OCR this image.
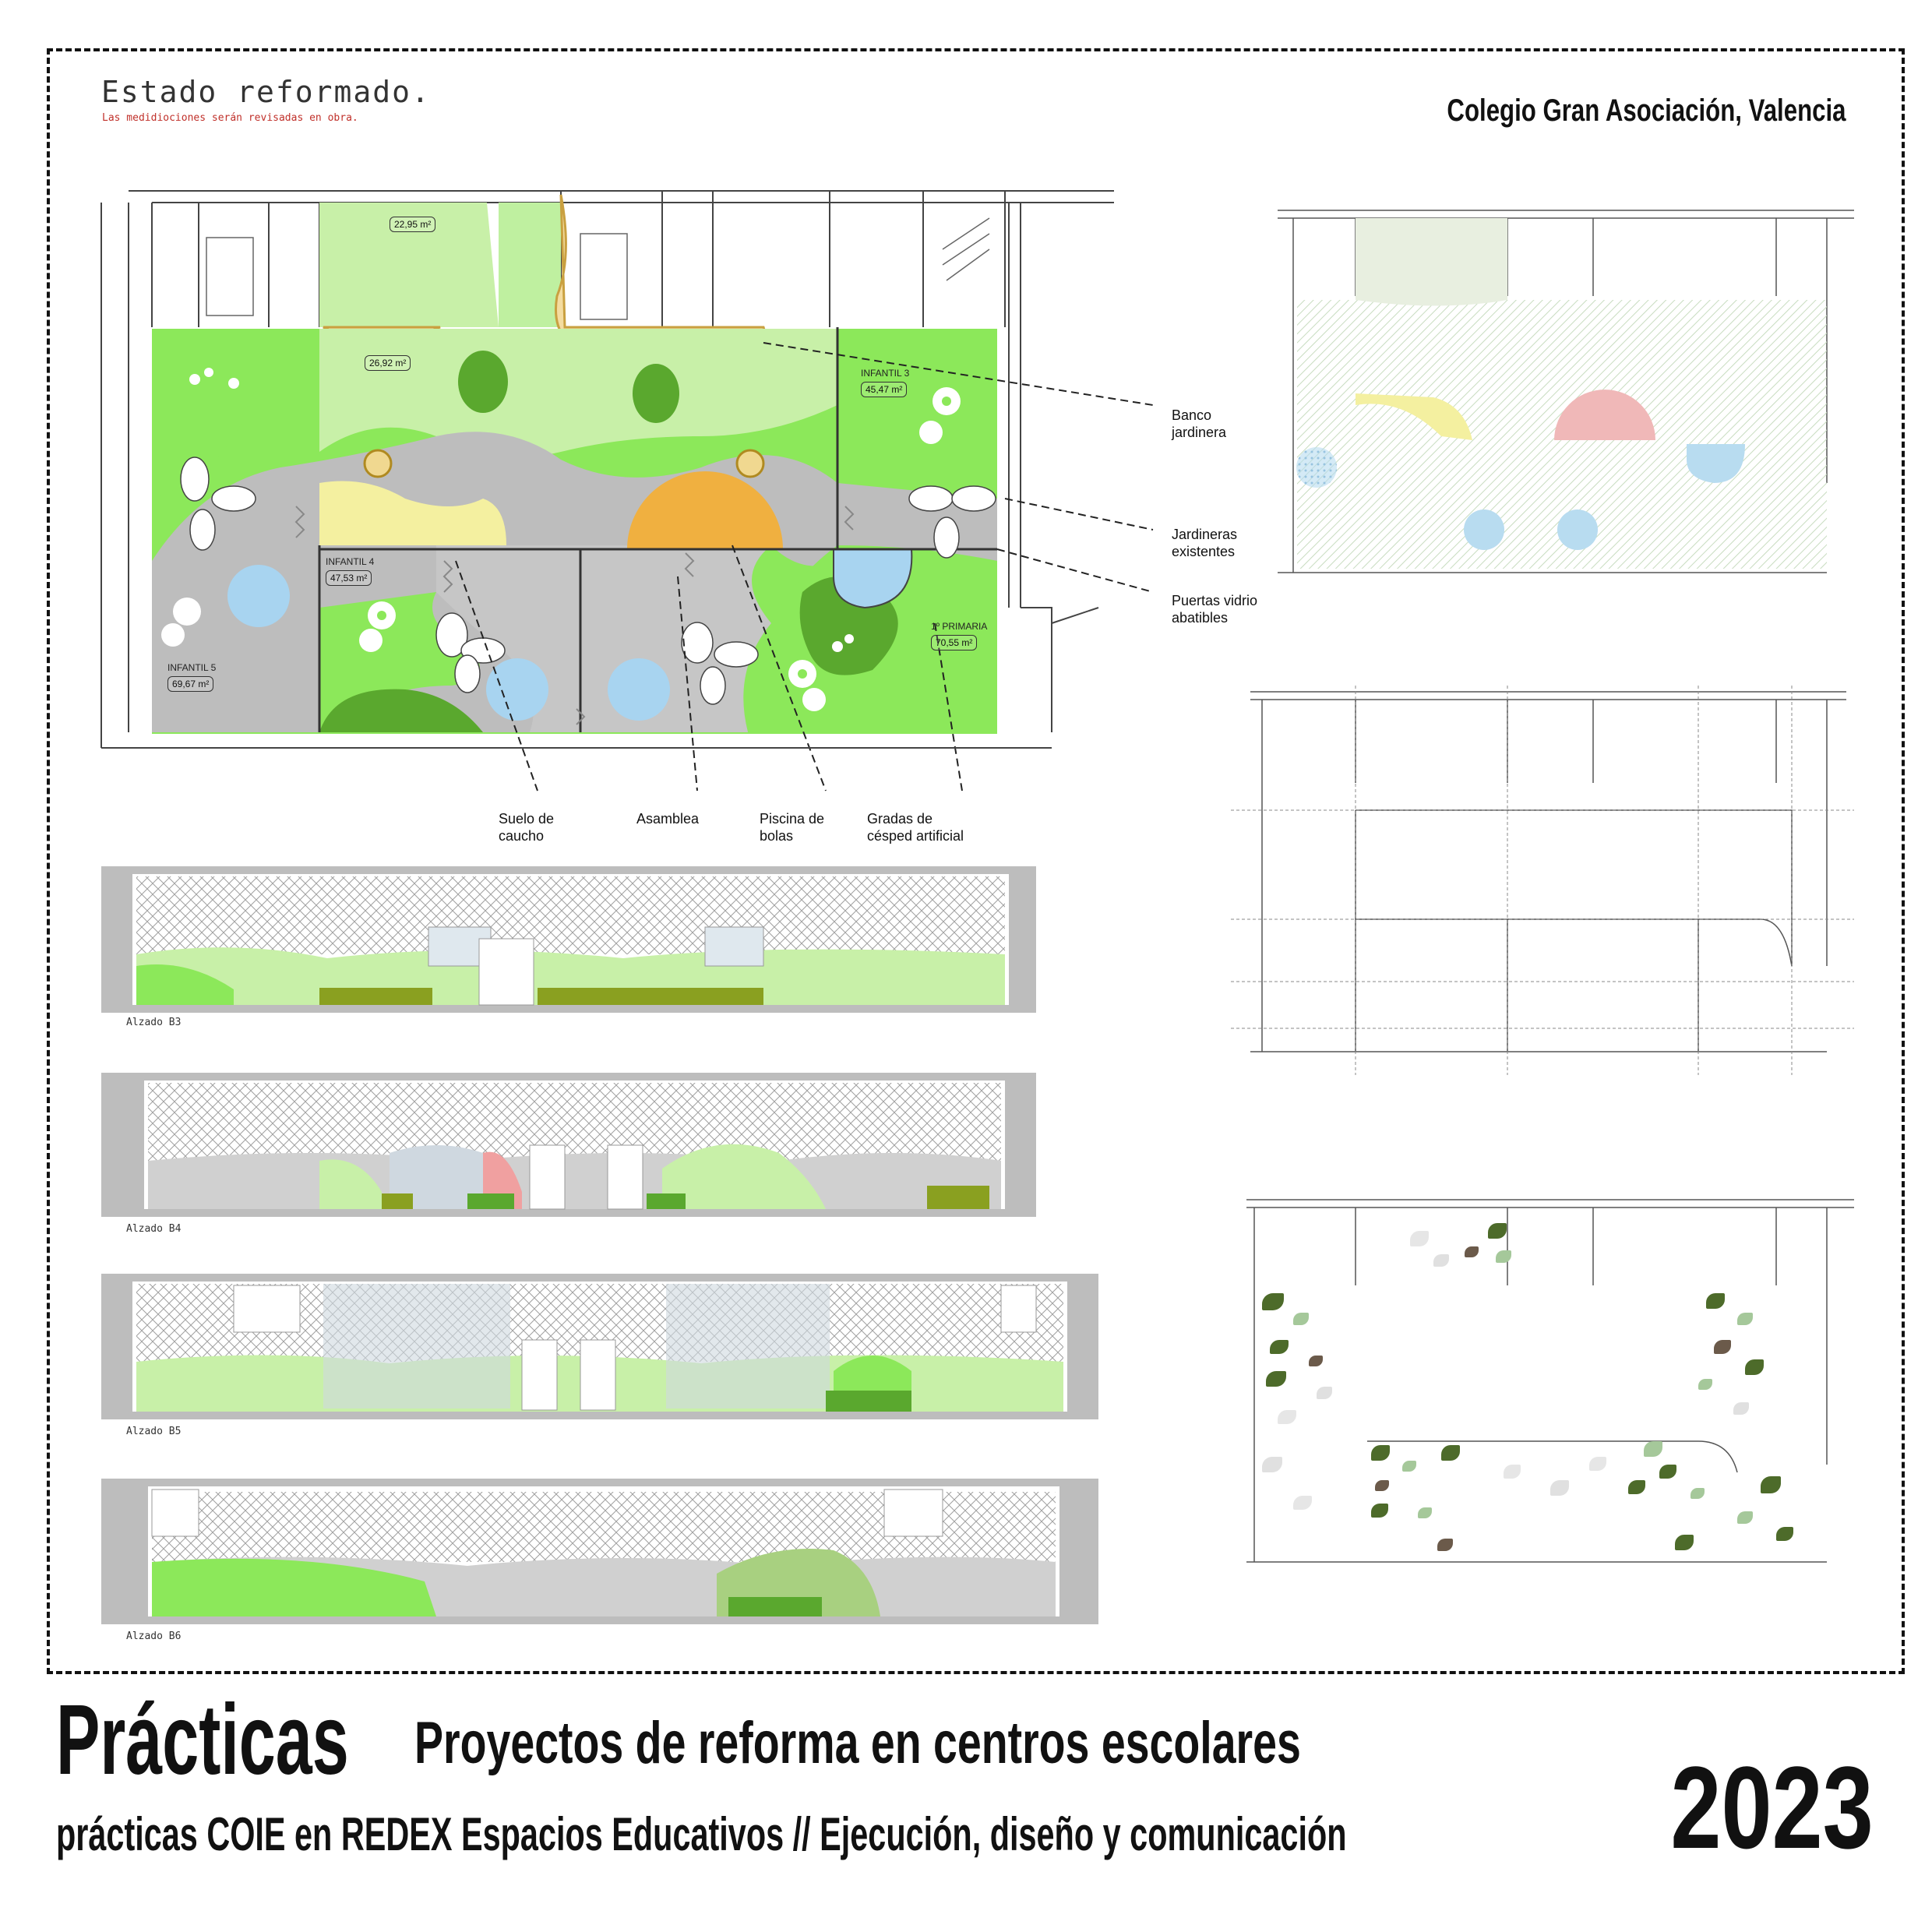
Estado reformado.
Las medidiociones serán revisadas en obra.	Colegio Gran Asociación, Valencia
22,95 m²
26,92 m²
INFANTIL 3
45,47 m²
INFANTIL 4
47,53 m²
INFANTIL 5
69,67 m²
1º PRIMARIA
70,55 m²
Banco
jardinera
Jardineras
existentes
Puertas vidrio
abatibles
Suelo de
caucho
Asamblea	Piscina de
bolas
Gradas de
césped artificial
Alzado B3
Alzado B4
Alzado B5
Alzado B6
Prácticas Proyectos de reforma en centros escolares
prácticas COIE en REDEX Espacios Educativos // Ejecución, diseño y comunicación	2023
